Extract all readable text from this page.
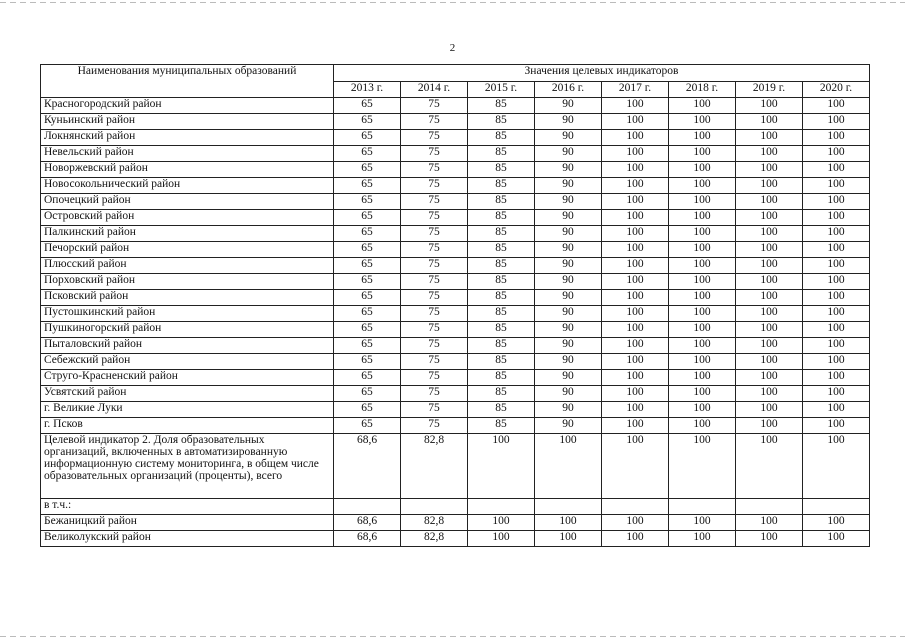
2
Наименования муниципальных образований	Значения целевых индикаторов							
	2013 г.	2014 г.	2015 г.	2016 г.	2017 г.	2018 г.	2019 г.	2020 г.
Красногородский район	65	75	85	90	100	100	100	100
Куньинский район	65	75	85	90	100	100	100	100
Локнянский район	65	75	85	90	100	100	100	100
Невельский район	65	75	85	90	100	100	100	100
Новоржевский район	65	75	85	90	100	100	100	100
Новосокольнический район	65	75	85	90	100	100	100	100
Опочецкий район	65	75	85	90	100	100	100	100
Островский район	65	75	85	90	100	100	100	100
Палкинский район	65	75	85	90	100	100	100	100
Печорский район	65	75	85	90	100	100	100	100
Плюсский район	65	75	85	90	100	100	100	100
Порховский район	65	75	85	90	100	100	100	100
Псковский район	65	75	85	90	100	100	100	100
Пустошкинский район	65	75	85	90	100	100	100	100
Пушкиногорский район	65	75	85	90	100	100	100	100
Пыталовский район	65	75	85	90	100	100	100	100
Себежский район	65	75	85	90	100	100	100	100
Струго-Красненский район	65	75	85	90	100	100	100	100
Усвятский район	65	75	85	90	100	100	100	100
г. Великие Луки	65	75	85	90	100	100	100	100
г. Псков	65	75	85	90	100	100	100	100
Целевой индикатор 2. Доля образовательных организаций, включенных в автоматизированную информационную систему мониторинга, в общем числе образовательных организаций (проценты), всего	68,6	82,8	100	100	100	100	100	100
в т.ч.:								
Бежаницкий район	68,6	82,8	100	100	100	100	100	100
Великолукский район	68,6	82,8	100	100	100	100	100	100
